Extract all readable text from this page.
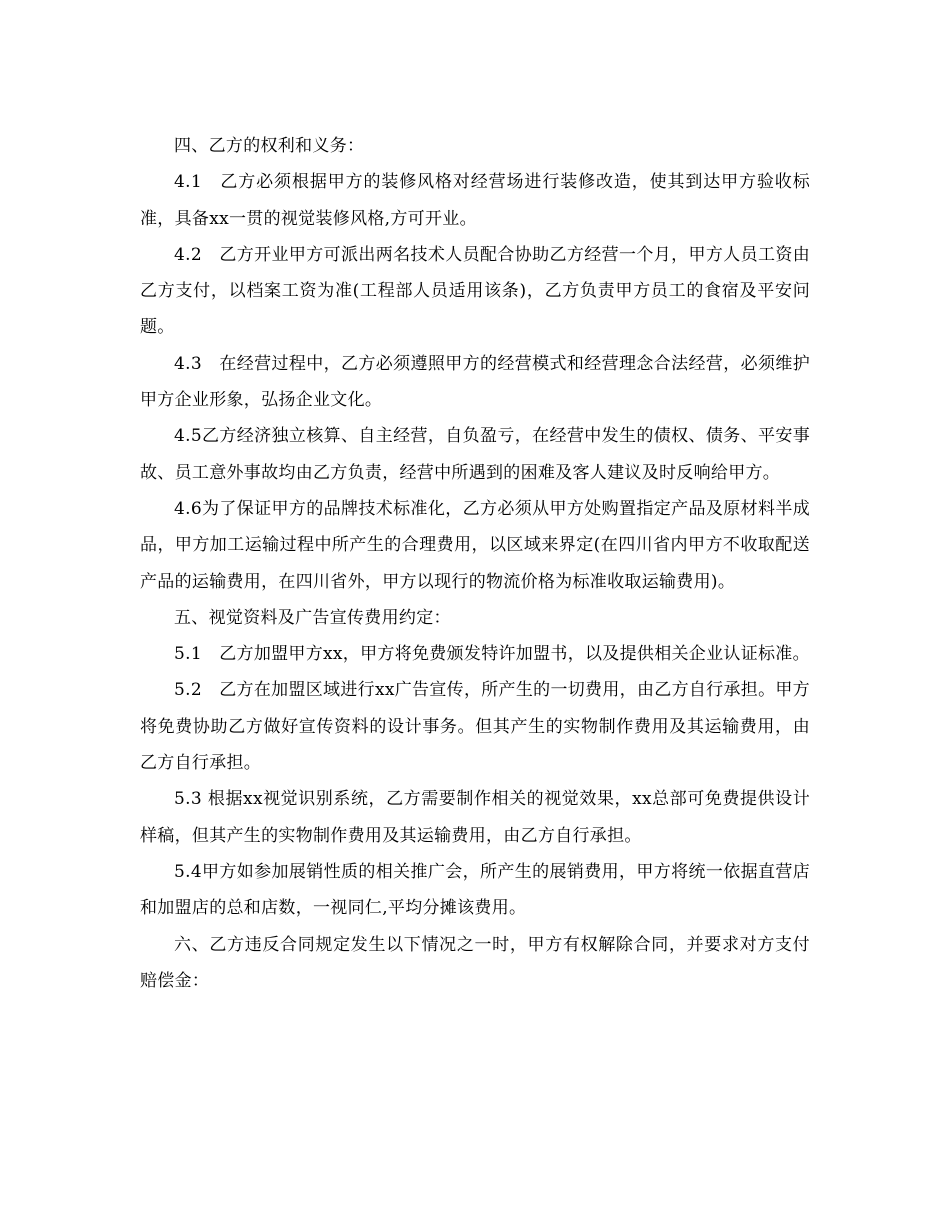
四、乙方的权利和义务：

4.1　乙方必须根据甲方的装修风格对经营场进行装修改造，使其到达甲方验收标准，具备xx一贯的视觉装修风格,方可开业。

4.2　乙方开业甲方可派出两名技术人员配合协助乙方经营一个月，甲方人员工资由乙方支付，以档案工资为准(工程部人员适用该条)，乙方负责甲方员工的食宿及平安问题。

4.3　在经营过程中，乙方必须遵照甲方的经营模式和经营理念合法经营，必须维护甲方企业形象，弘扬企业文化。

4.5乙方经济独立核算、自主经营，自负盈亏，在经营中发生的债权、债务、平安事故、员工意外事故均由乙方负责，经营中所遇到的困难及客人建议及时反响给甲方。

4.6为了保证甲方的品牌技术标准化，乙方必须从甲方处购置指定产品及原材料半成品，甲方加工运输过程中所产生的合理费用，以区域来界定(在四川省内甲方不收取配送产品的运输费用，在四川省外，甲方以现行的物流价格为标准收取运输费用)。

五、视觉资料及广告宣传费用约定：

5.1　乙方加盟甲方xx，甲方将免费颁发特许加盟书，以及提供相关企业认证标准。

5.2　乙方在加盟区域进行xx广告宣传，所产生的一切费用，由乙方自行承担。甲方将免费协助乙方做好宣传资料的设计事务。但其产生的实物制作费用及其运输费用，由乙方自行承担。

5.3 根据xx视觉识别系统，乙方需要制作相关的视觉效果，xx总部可免费提供设计样稿，但其产生的实物制作费用及其运输费用，由乙方自行承担。

5.4甲方如参加展销性质的相关推广会，所产生的展销费用，甲方将统一依据直营店和加盟店的总和店数，一视同仁,平均分摊该费用。

六、乙方违反合同规定发生以下情况之一时，甲方有权解除合同，并要求对方支付赔偿金：
